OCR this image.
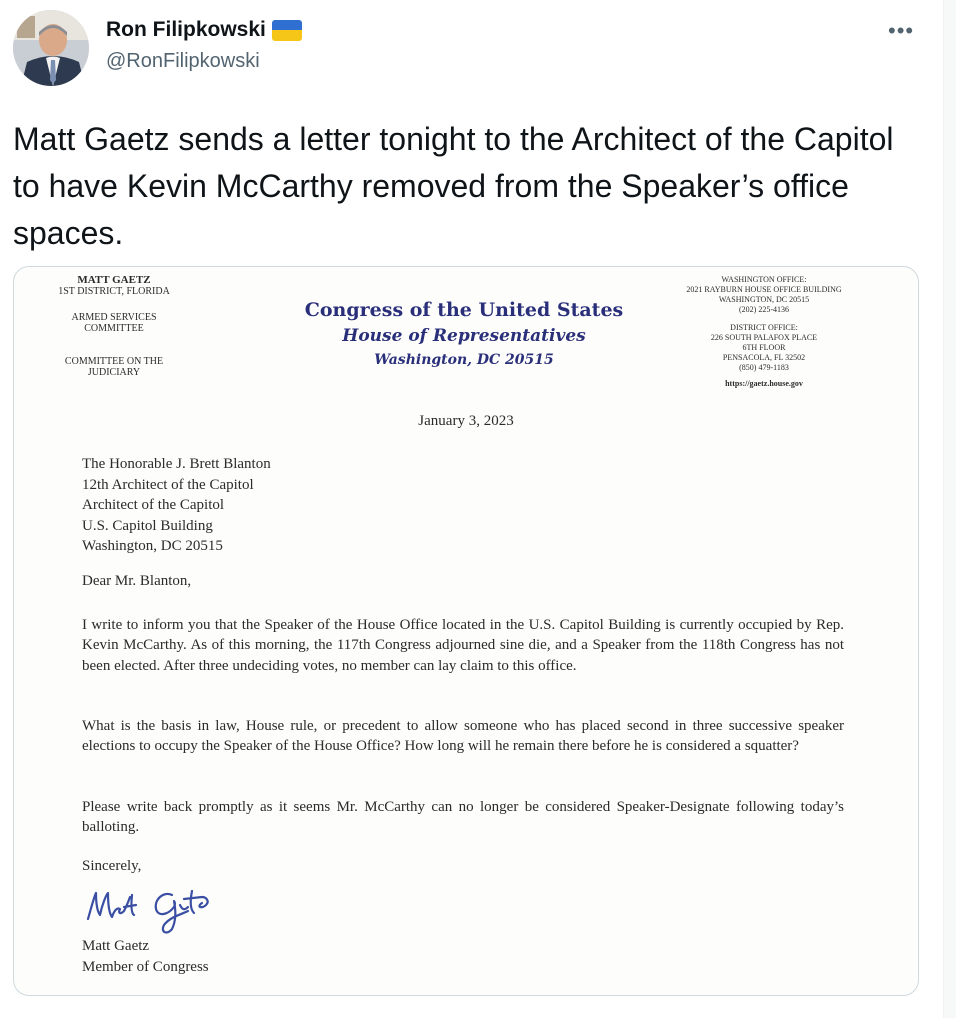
Ron Filipkowski
@RonFilipkowski
•••

Matt Gaetz sends a letter tonight to the Architect of the Capitol to have Kevin McCarthy removed from the Speaker’s office spaces.

MATT GAETZ
1ST DISTRICT, FLORIDA
ARMED SERVICES
COMMITTEE
COMMITTEE ON THE
JUDICIARY
Congress of the United States
House of Representatives
Washington, DC 20515
WASHINGTON OFFICE:
2021 RAYBURN HOUSE OFFICE BUILDING
WASHINGTON, DC 20515
(202) 225-4136
DISTRICT OFFICE:
226 SOUTH PALAFOX PLACE
6TH FLOOR
PENSACOLA, FL 32502
(850) 479-1183
https://gaetz.house.gov
January 3, 2023
The Honorable J. Brett Blanton
12th Architect of the Capitol
Architect of the Capitol
U.S. Capitol Building
Washington, DC 20515
Dear Mr. Blanton,

I write to inform you that the Speaker of the House Office located in the U.S. Capitol Building is currently occupied by Rep. Kevin McCarthy. As of this morning, the 117th Congress adjourned sine die, and a Speaker from the 118th Congress has not been elected. After three undeciding votes, no member can lay claim to this office.

What is the basis in law, House rule, or precedent to allow someone who has placed second in three successive speaker elections to occupy the Speaker of the House Office? How long will he remain there before he is considered a squatter?

Please write back promptly as it seems Mr. McCarthy can no longer be considered Speaker-Designate following today’s balloting.

Sincerely,
Matt Gaetz
Member of Congress
